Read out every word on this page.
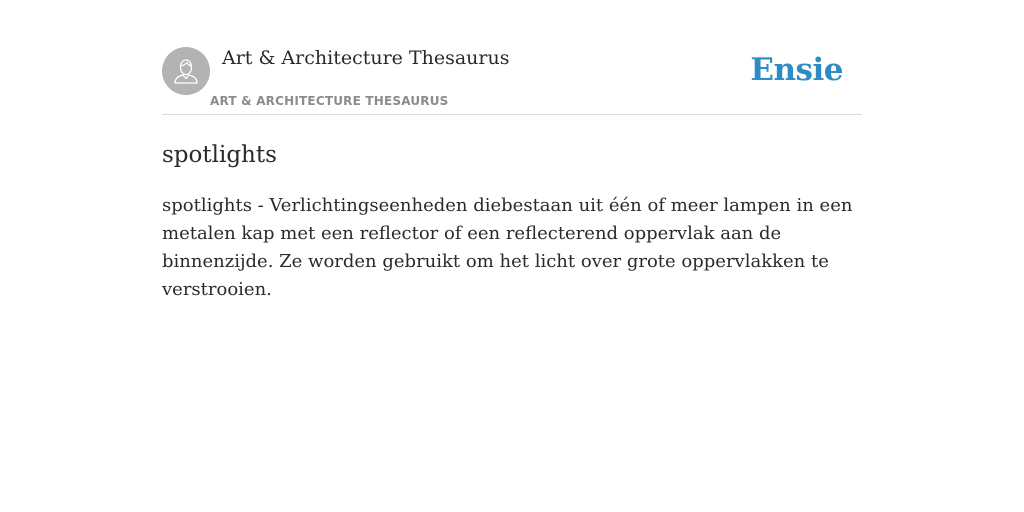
Art & Architecture Thesaurus
ART & ARCHITECTURE THESAURUS
Ensie
spotlights

spotlights - Verlichtingseenheden diebestaan uit één of meer lampen in een metalen kap met een reflector of een reflecterend oppervlak aan de binnenzijde. Ze worden gebruikt om het licht over grote oppervlakken te verstrooien.
